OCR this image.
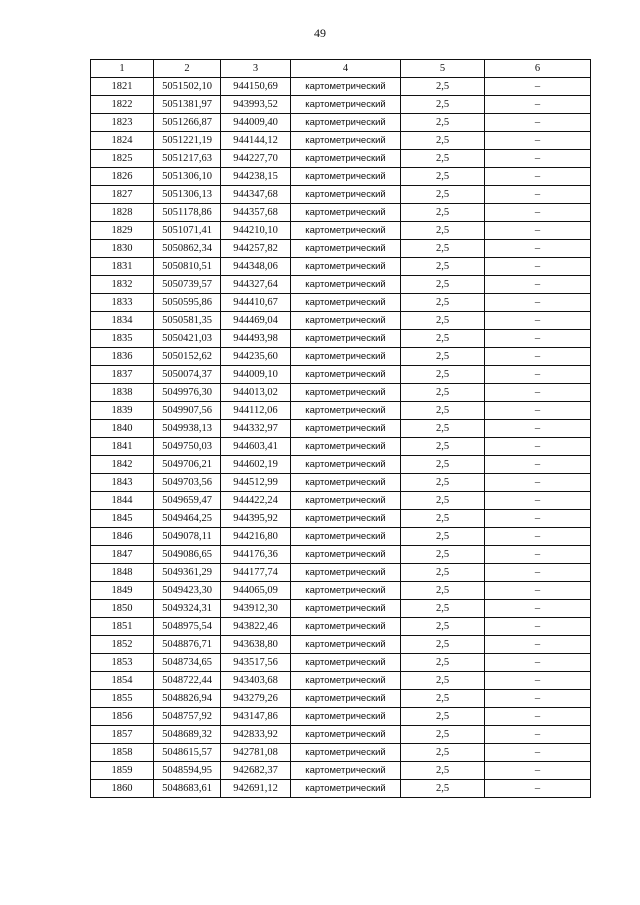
49
1	2	3	4	5	6
1821	5051502,10	944150,69	картометрический	2,5	–
1822	5051381,97	943993,52	картометрический	2,5	–
1823	5051266,87	944009,40	картометрический	2,5	–
1824	5051221,19	944144,12	картометрический	2,5	–
1825	5051217,63	944227,70	картометрический	2,5	–
1826	5051306,10	944238,15	картометрический	2,5	–
1827	5051306,13	944347,68	картометрический	2,5	–
1828	5051178,86	944357,68	картометрический	2,5	–
1829	5051071,41	944210,10	картометрический	2,5	–
1830	5050862,34	944257,82	картометрический	2,5	–
1831	5050810,51	944348,06	картометрический	2,5	–
1832	5050739,57	944327,64	картометрический	2,5	–
1833	5050595,86	944410,67	картометрический	2,5	–
1834	5050581,35	944469,04	картометрический	2,5	–
1835	5050421,03	944493,98	картометрический	2,5	–
1836	5050152,62	944235,60	картометрический	2,5	–
1837	5050074,37	944009,10	картометрический	2,5	–
1838	5049976,30	944013,02	картометрический	2,5	–
1839	5049907,56	944112,06	картометрический	2,5	–
1840	5049938,13	944332,97	картометрический	2,5	–
1841	5049750,03	944603,41	картометрический	2,5	–
1842	5049706,21	944602,19	картометрический	2,5	–
1843	5049703,56	944512,99	картометрический	2,5	–
1844	5049659,47	944422,24	картометрический	2,5	–
1845	5049464,25	944395,92	картометрический	2,5	–
1846	5049078,11	944216,80	картометрический	2,5	–
1847	5049086,65	944176,36	картометрический	2,5	–
1848	5049361,29	944177,74	картометрический	2,5	–
1849	5049423,30	944065,09	картометрический	2,5	–
1850	5049324,31	943912,30	картометрический	2,5	–
1851	5048975,54	943822,46	картометрический	2,5	–
1852	5048876,71	943638,80	картометрический	2,5	–
1853	5048734,65	943517,56	картометрический	2,5	–
1854	5048722,44	943403,68	картометрический	2,5	–
1855	5048826,94	943279,26	картометрический	2,5	–
1856	5048757,92	943147,86	картометрический	2,5	–
1857	5048689,32	942833,92	картометрический	2,5	–
1858	5048615,57	942781,08	картометрический	2,5	–
1859	5048594,95	942682,37	картометрический	2,5	–
1860	5048683,61	942691,12	картометрический	2,5	–
